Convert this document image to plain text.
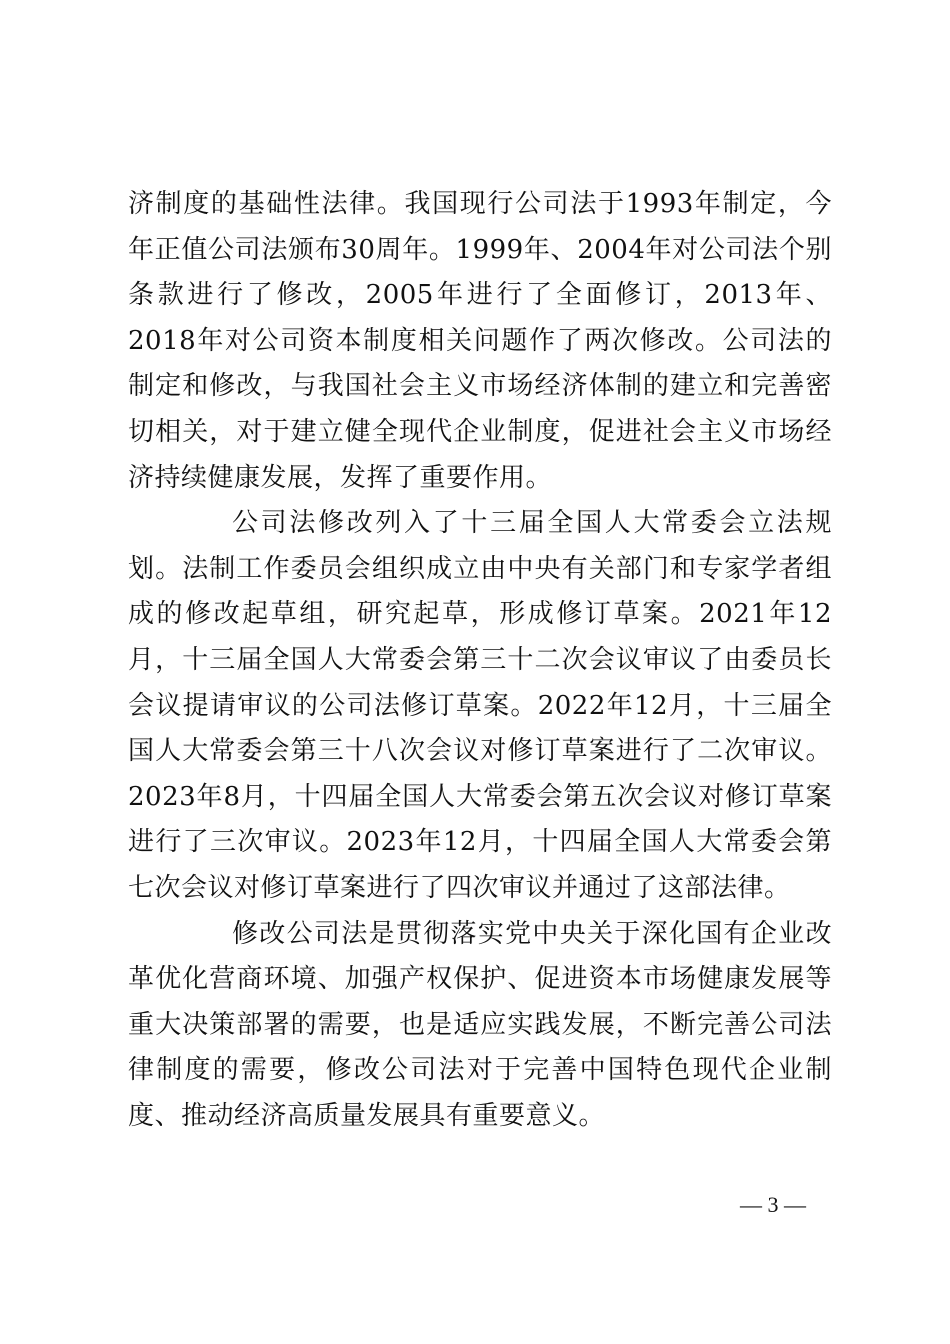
济制度的基础性法律。我国现行公司法于1993年制定，今年正值公司法颁布30周年。1999年、2004年对公司法个别条款进行了修改，2005年进行了全面修订，2013年、2018年对公司资本制度相关问题作了两次修改。公司法的制定和修改，与我国社会主义市场经济体制的建立和完善密切相关，对于建立健全现代企业制度，促进社会主义市场经济持续健康发展，发挥了重要作用。

公司法修改列入了十三届全国人大常委会立法规划。法制工作委员会组织成立由中央有关部门和专家学者组成的修改起草组，研究起草，形成修订草案。2021年12月，十三届全国人大常委会第三十二次会议审议了由委员长会议提请审议的公司法修订草案。2022年12月，十三届全国人大常委会第三十八次会议对修订草案进行了二次审议。2023年8月，十四届全国人大常委会第五次会议对修订草案进行了三次审议。2023年12月，十四届全国人大常委会第七次会议对修订草案进行了四次审议并通过了这部法律。

修改公司法是贯彻落实党中央关于深化国有企业改革优化营商环境、加强产权保护、促进资本市场健康发展等重大决策部署的需要，也是适应实践发展，不断完善公司法律制度的需要，修改公司法对于完善中国特色现代企业制度、推动经济高质量发展具有重要意义。

— 3 —
